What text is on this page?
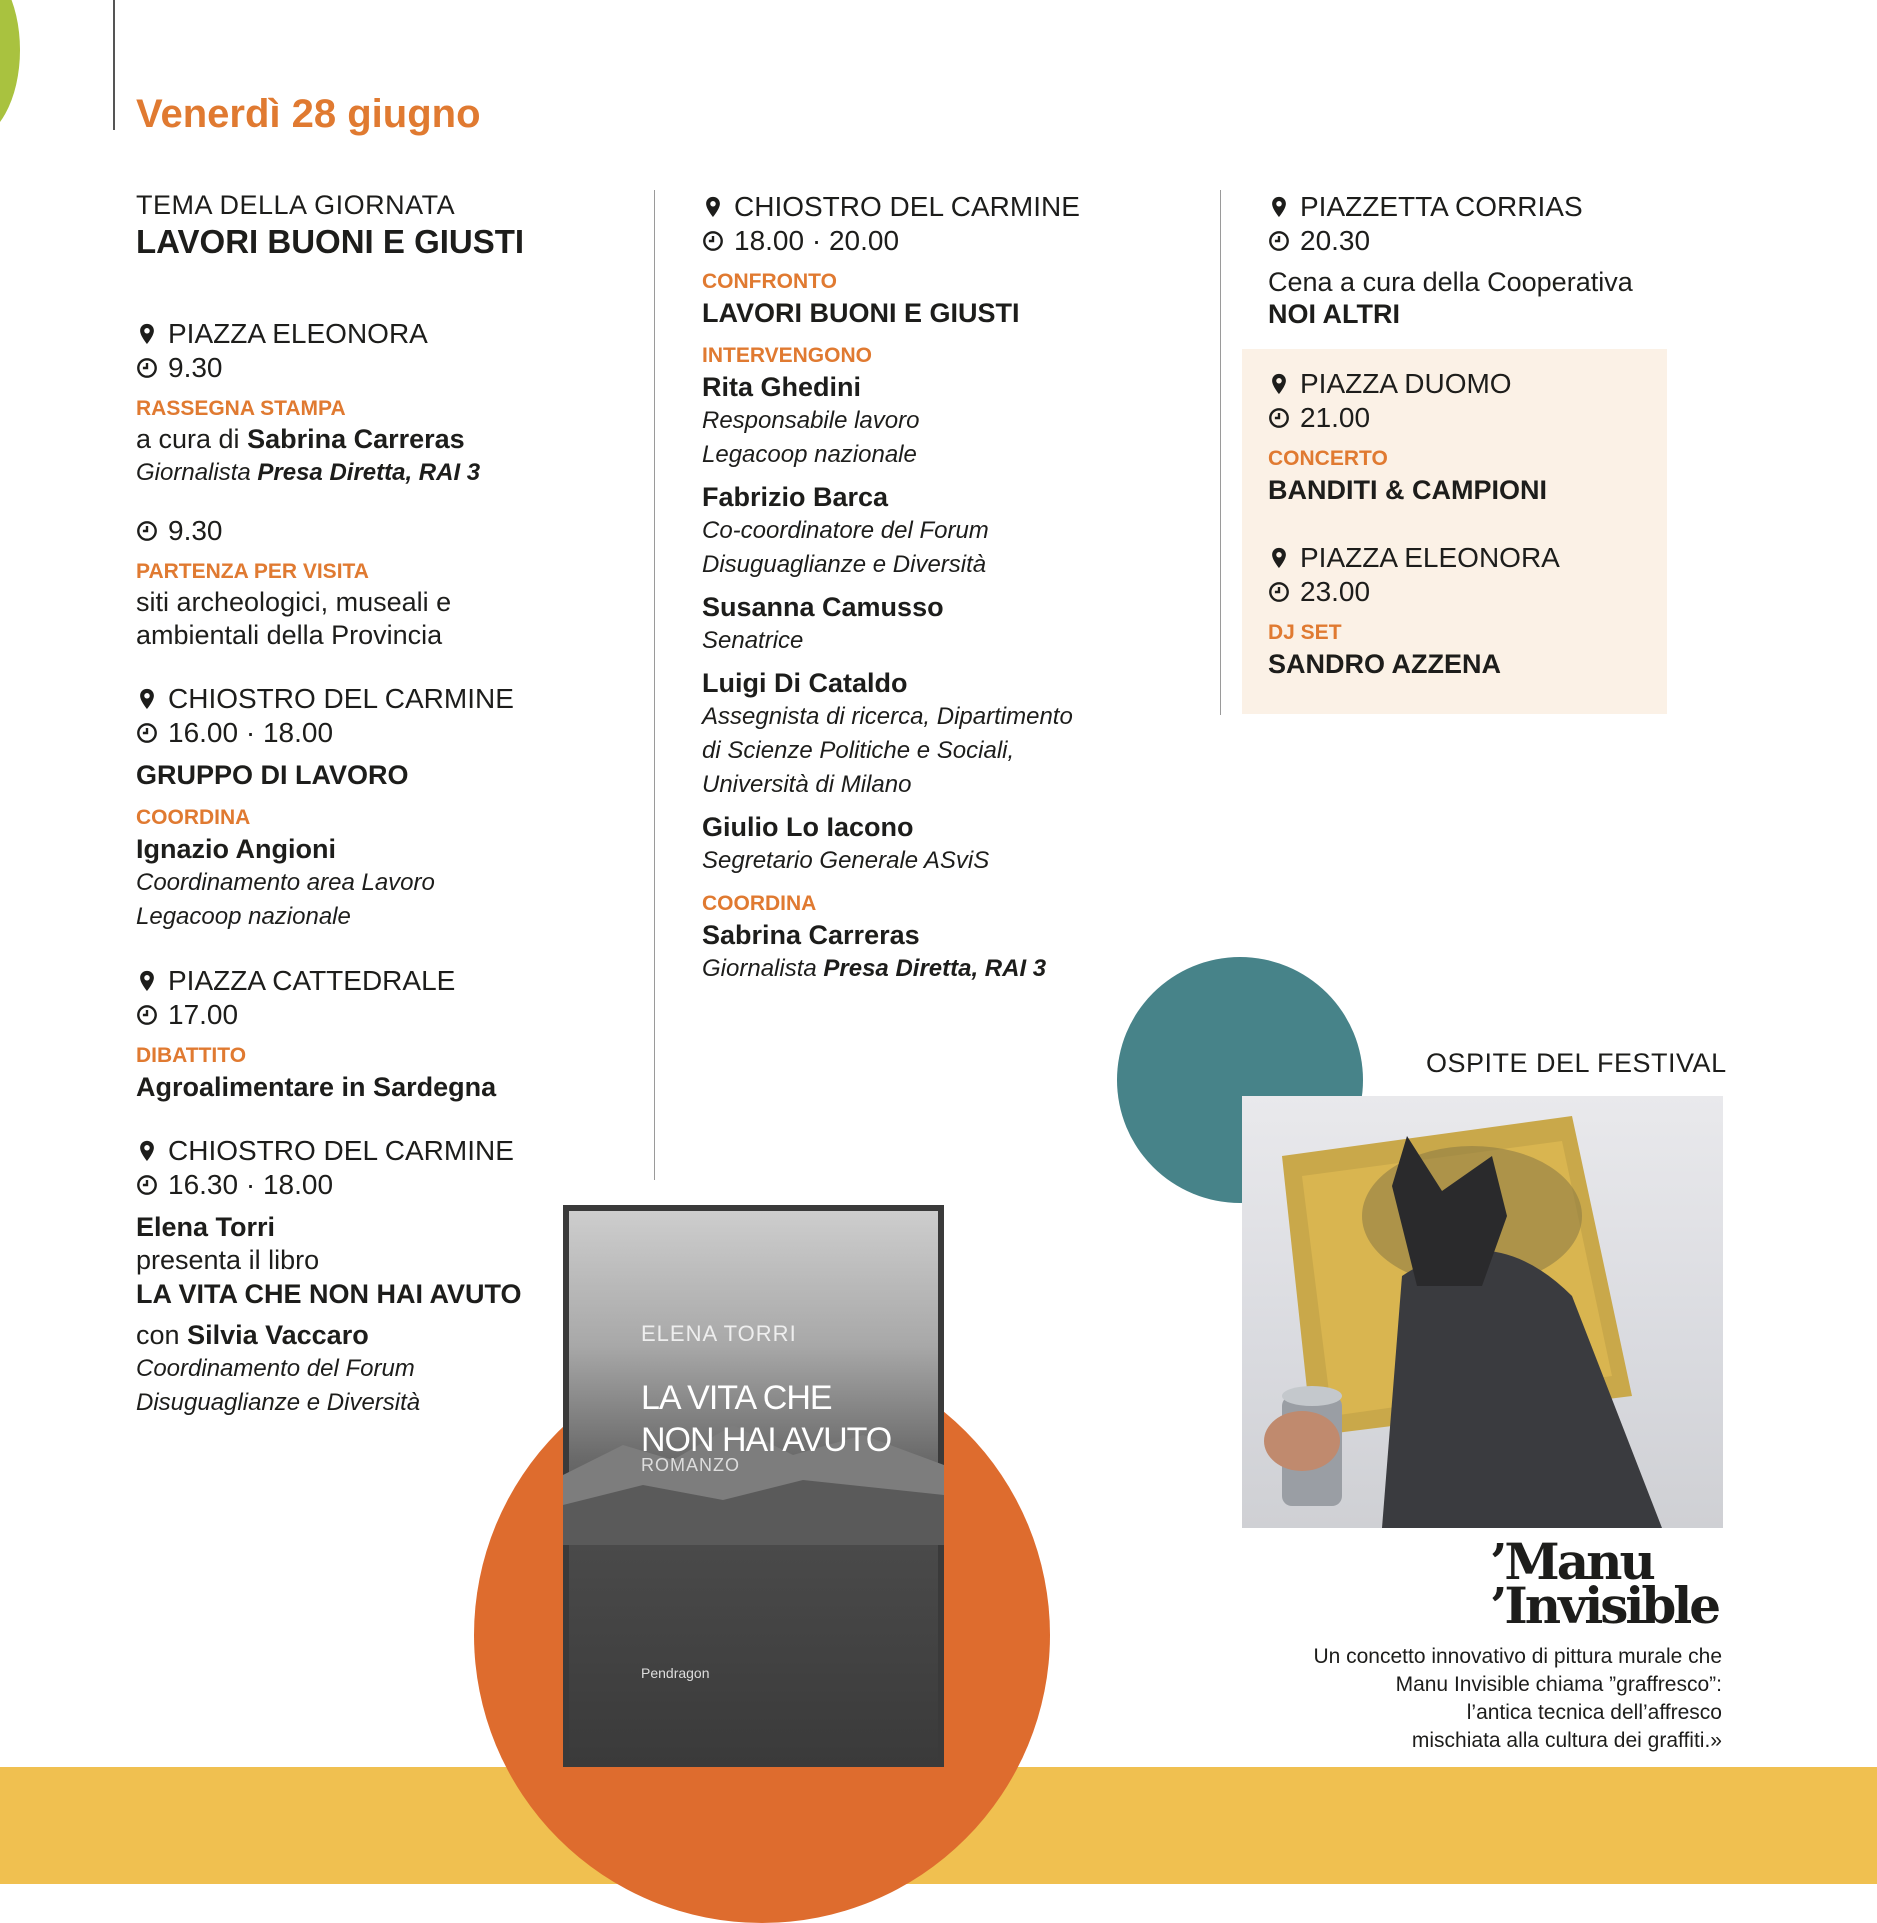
Venerdì 28 giugno
TEMA DELLA GIORNATA
LAVORI BUONI E GIUSTI
PIAZZA ELEONORA
9.30
RASSEGNA STAMPA
a cura di Sabrina Carreras
Giornalista Presa Diretta, RAI 3
9.30
PARTENZA PER VISITA
siti archeologici, museali e
ambientali della Provincia
CHIOSTRO DEL CARMINE
16.00 · 18.00
GRUPPO DI LAVORO
COORDINA
Ignazio Angioni
Coordinamento area Lavoro
Legacoop nazionale
PIAZZA CATTEDRALE
17.00
DIBATTITO
Agroalimentare in Sardegna
CHIOSTRO DEL CARMINE
16.30 · 18.00
Elena Torri
presenta il libro
LA VITA CHE NON HAI AVUTO
con Silvia Vaccaro
Coordinamento del Forum
Disuguaglianze e Diversità
CHIOSTRO DEL CARMINE
18.00 · 20.00
CONFRONTO
LAVORI BUONI E GIUSTI
INTERVENGONO
Rita Ghedini
Responsabile lavoro
Legacoop nazionale
Fabrizio Barca
Co-coordinatore del Forum
Disuguaglianze e Diversità
Susanna Camusso
Senatrice
Luigi Di Cataldo
Assegnista di ricerca, Dipartimento
di Scienze Politiche e Sociali,
Università di Milano
Giulio Lo Iacono
Segretario Generale ASviS
COORDINA
Sabrina Carreras
Giornalista Presa Diretta, RAI 3
PIAZZETTA CORRIAS
20.30
Cena a cura della Cooperativa
NOI ALTRI
PIAZZA DUOMO
21.00
CONCERTO
BANDITI & CAMPIONI
PIAZZA ELEONORA
23.00
DJ SET
SANDRO AZZENA
ELENA TORRI
LA VITA CHE
NON HAI AVUTO
ROMANZO
Pendragon
OSPITE DEL FESTIVAL
’Manu
’Invisible
Un concetto innovativo di pittura murale che
Manu Invisible chiama ”graffresco”:
l’antica tecnica dell’affresco
mischiata alla cultura dei graffiti.»
